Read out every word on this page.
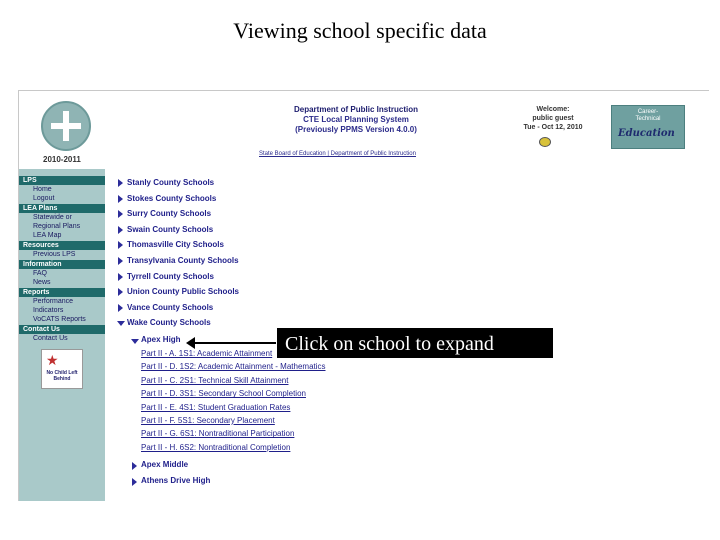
Viewing school specific data
2010-2011
Department of Public Instruction
CTE Local Planning System
(Previously PPMS Version 4.0.0)
State Board of Education | Department of Public Instruction
Welcome:
public guest
Tue - Oct 12, 2010
Career-
Technical
Education
LPS
Home
Logout
LEA Plans
Statewide or
Regional Plans
LEA Map
Resources
Previous LPS
Information
FAQ
News
Reports
Performance
Indicators
VoCATS Reports
Contact Us
Contact Us
★
No Child Left Behind
Stanly County Schools
Stokes County Schools
Surry County Schools
Swain County Schools
Thomasville City Schools
Transylvania County Schools
Tyrrell County Schools
Union County Public Schools
Vance County Schools
Wake County Schools
Apex High
Part II - A. 1S1: Academic Attainment
Part II - D. 1S2: Academic Attainment - Mathematics
Part II - C. 2S1: Technical Skill Attainment
Part II - D. 3S1: Secondary School Completion
Part II - E. 4S1: Student Graduation Rates
Part II - F. 5S1: Secondary Placement
Part II - G. 6S1: Nontraditional Participation
Part II - H. 6S2: Nontraditional Completion
Apex Middle
Athens Drive High
Click on school to expand
